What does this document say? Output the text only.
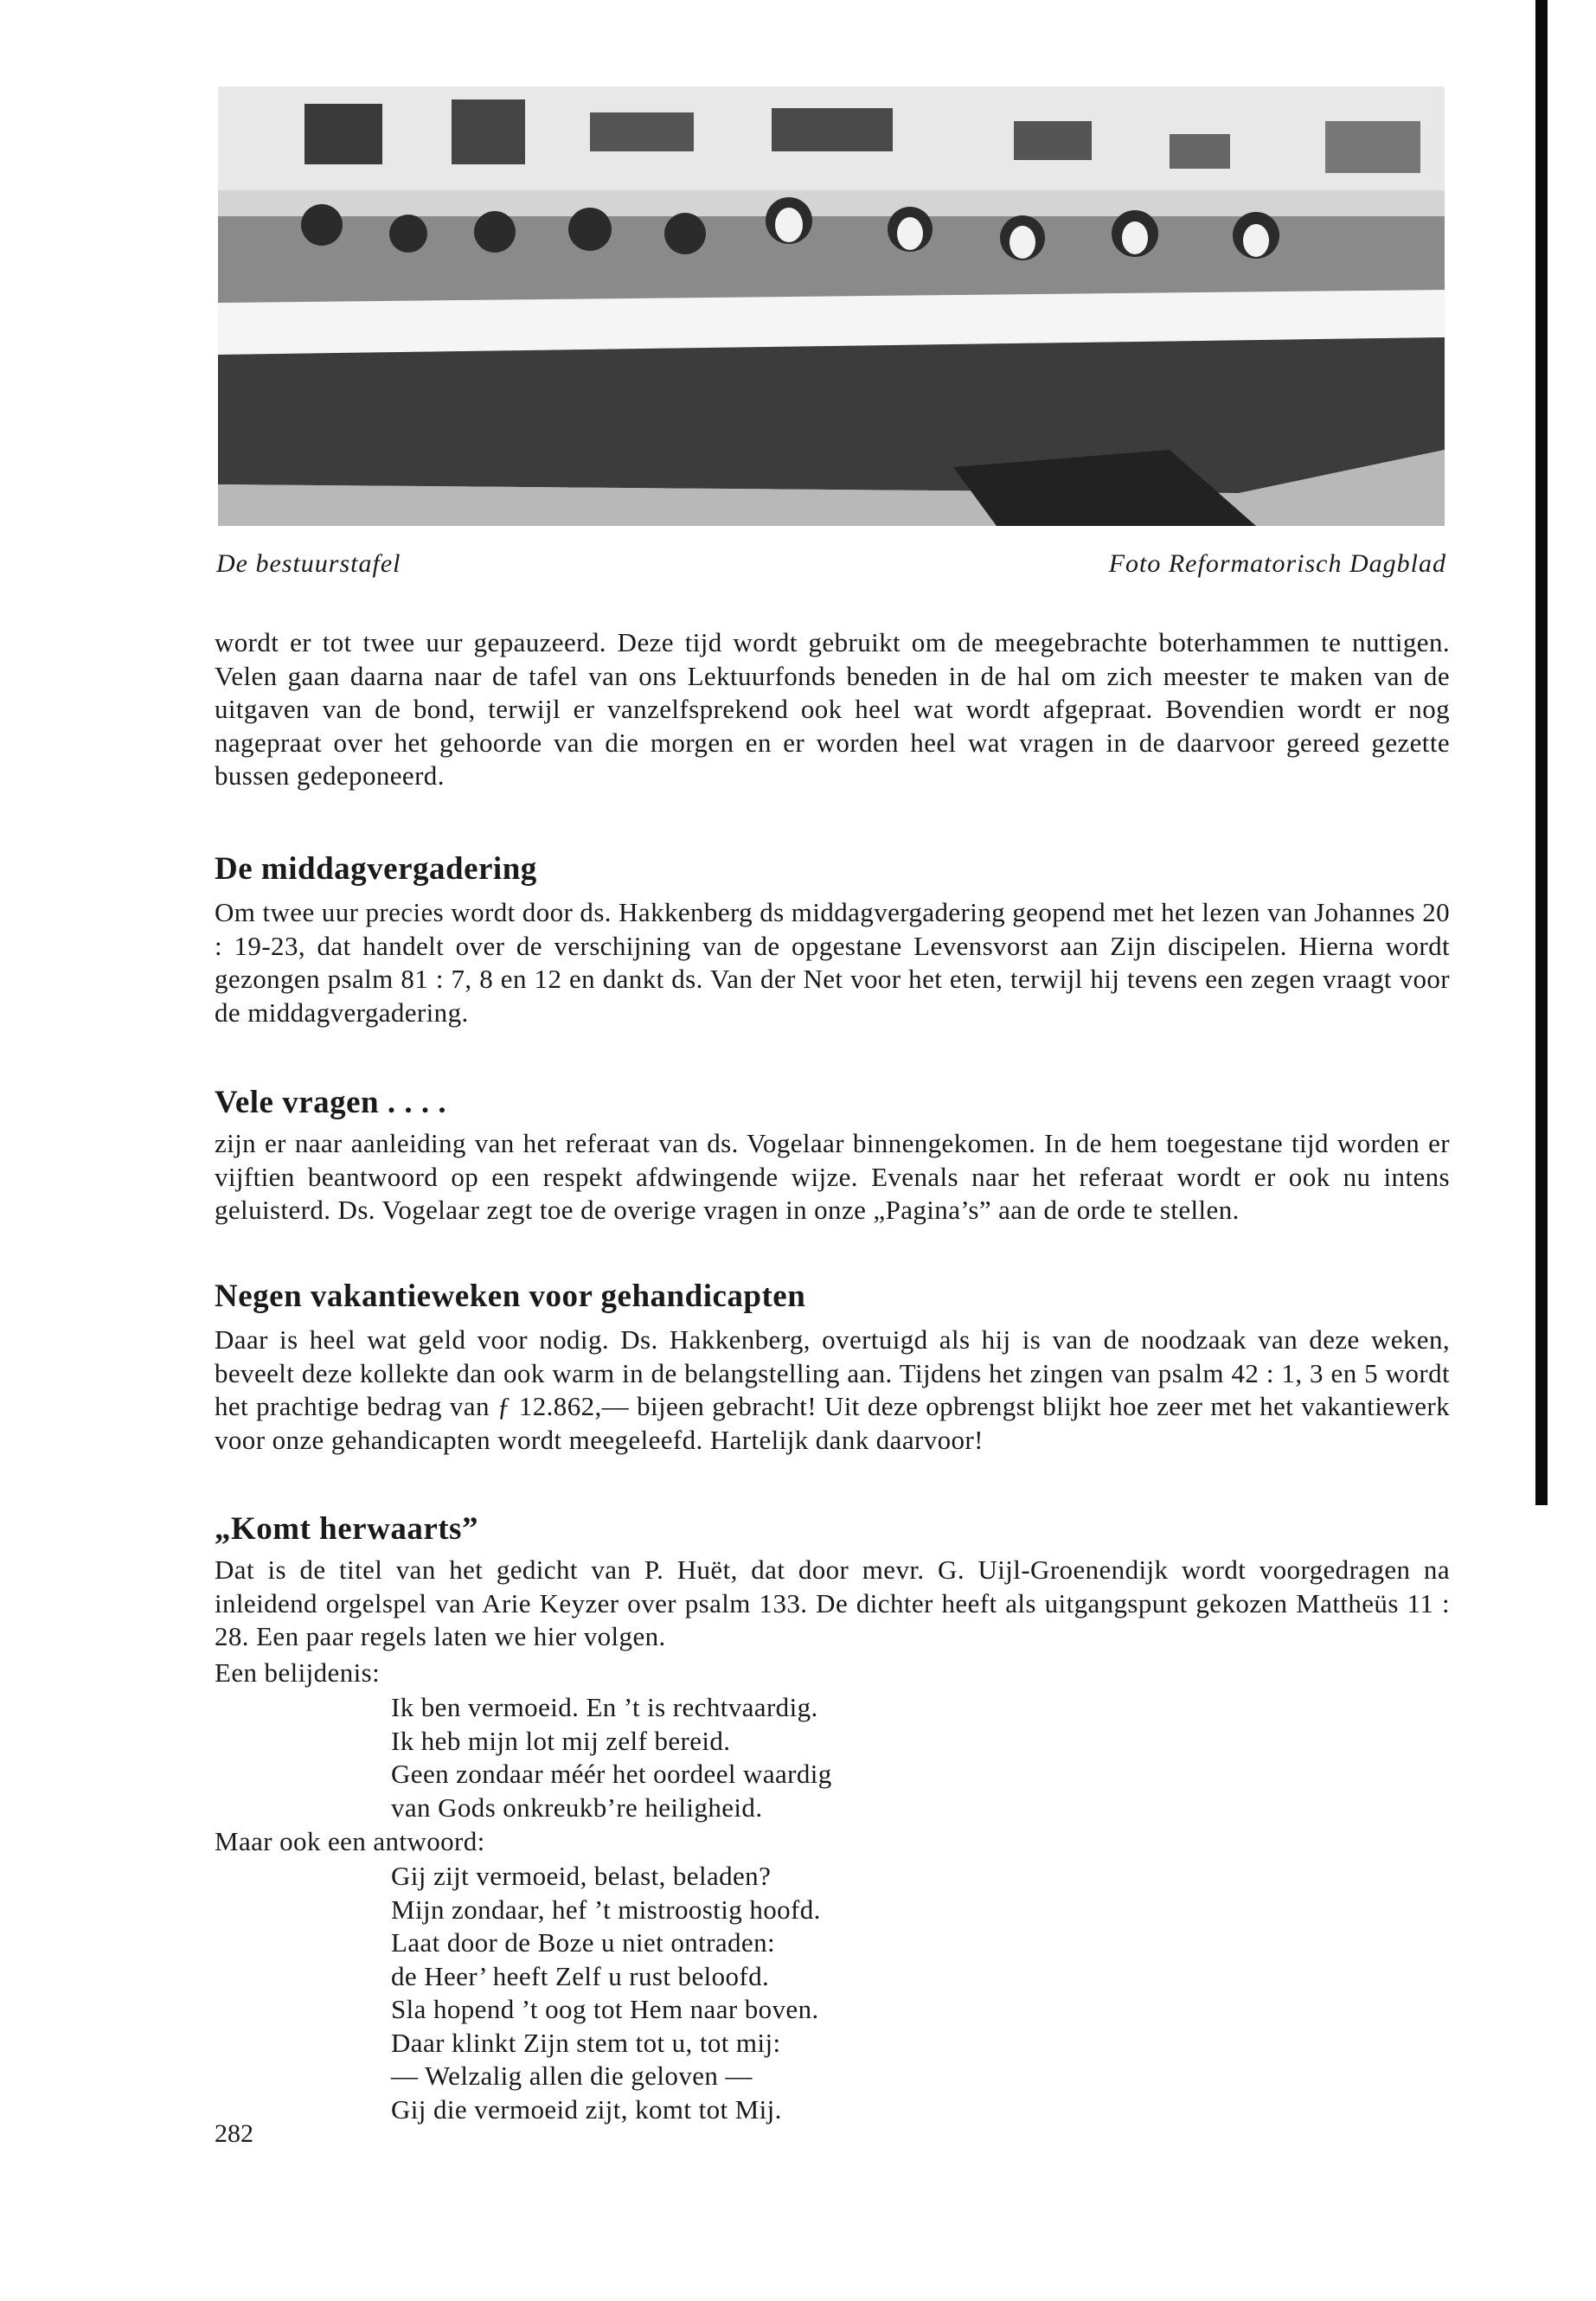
De bestuurstafel	Foto Reformatorisch Dagblad

wordt er tot twee uur gepauzeerd. Deze tijd wordt gebruikt om de meegebrachte boterhammen te nuttigen. Velen gaan daarna naar de tafel van ons Lektuurfonds beneden in de hal om zich meester te maken van de uitgaven van de bond, terwijl er vanzelfsprekend ook heel wat wordt afgepraat. Bovendien wordt er nog nagepraat over het gehoorde van die morgen en er worden heel wat vragen in de daarvoor gereed gezette bussen gedeponeerd.

De middagvergadering

Om twee uur precies wordt door ds. Hakkenberg ds middagvergadering geopend met het lezen van Johannes 20 : 19-23, dat handelt over de verschijning van de opgestane Levensvorst aan Zijn discipelen. Hierna wordt gezongen psalm 81 : 7, 8 en 12 en dankt ds. Van der Net voor het eten, terwijl hij tevens een zegen vraagt voor de middagvergadering.

Vele vragen . . . .

zijn er naar aanleiding van het referaat van ds. Vogelaar binnengekomen. In de hem toegestane tijd worden er vijftien beantwoord op een respekt afdwingende wijze. Evenals naar het referaat wordt er ook nu intens geluisterd. Ds. Vogelaar zegt toe de overige vragen in onze „Pagina’s” aan de orde te stellen.

Negen vakantieweken voor gehandicapten

Daar is heel wat geld voor nodig. Ds. Hakkenberg, overtuigd als hij is van de noodzaak van deze weken, beveelt deze kollekte dan ook warm in de belangstelling aan. Tijdens het zingen van psalm 42 : 1, 3 en 5 wordt het prachtige bedrag van ƒ 12.862,— bijeen gebracht! Uit deze opbrengst blijkt hoe zeer met het vakantiewerk voor onze gehandicapten wordt meegeleefd. Hartelijk dank daarvoor!

„Komt herwaarts”

Dat is de titel van het gedicht van P. Huët, dat door mevr. G. Uijl-Groenendijk wordt voorgedragen na inleidend orgelspel van Arie Keyzer over psalm 133. De dichter heeft als uitgangspunt gekozen Mattheüs 11 : 28. Een paar regels laten we hier volgen.

Een belijdenis:
Ik ben vermoeid. En ’t is rechtvaardig.
Ik heb mijn lot mij zelf bereid.
Geen zondaar méér het oordeel waardig
van Gods onkreukb’re heiligheid.
Maar ook een antwoord:
Gij zijt vermoeid, belast, beladen?
Mijn zondaar, hef ’t mistroostig hoofd.
Laat door de Boze u niet ontraden:
de Heer’ heeft Zelf u rust beloofd.
Sla hopend ’t oog tot Hem naar boven.
Daar klinkt Zijn stem tot u, tot mij:
— Welzalig allen die geloven —
Gij die vermoeid zijt, komt tot Mij.
282
